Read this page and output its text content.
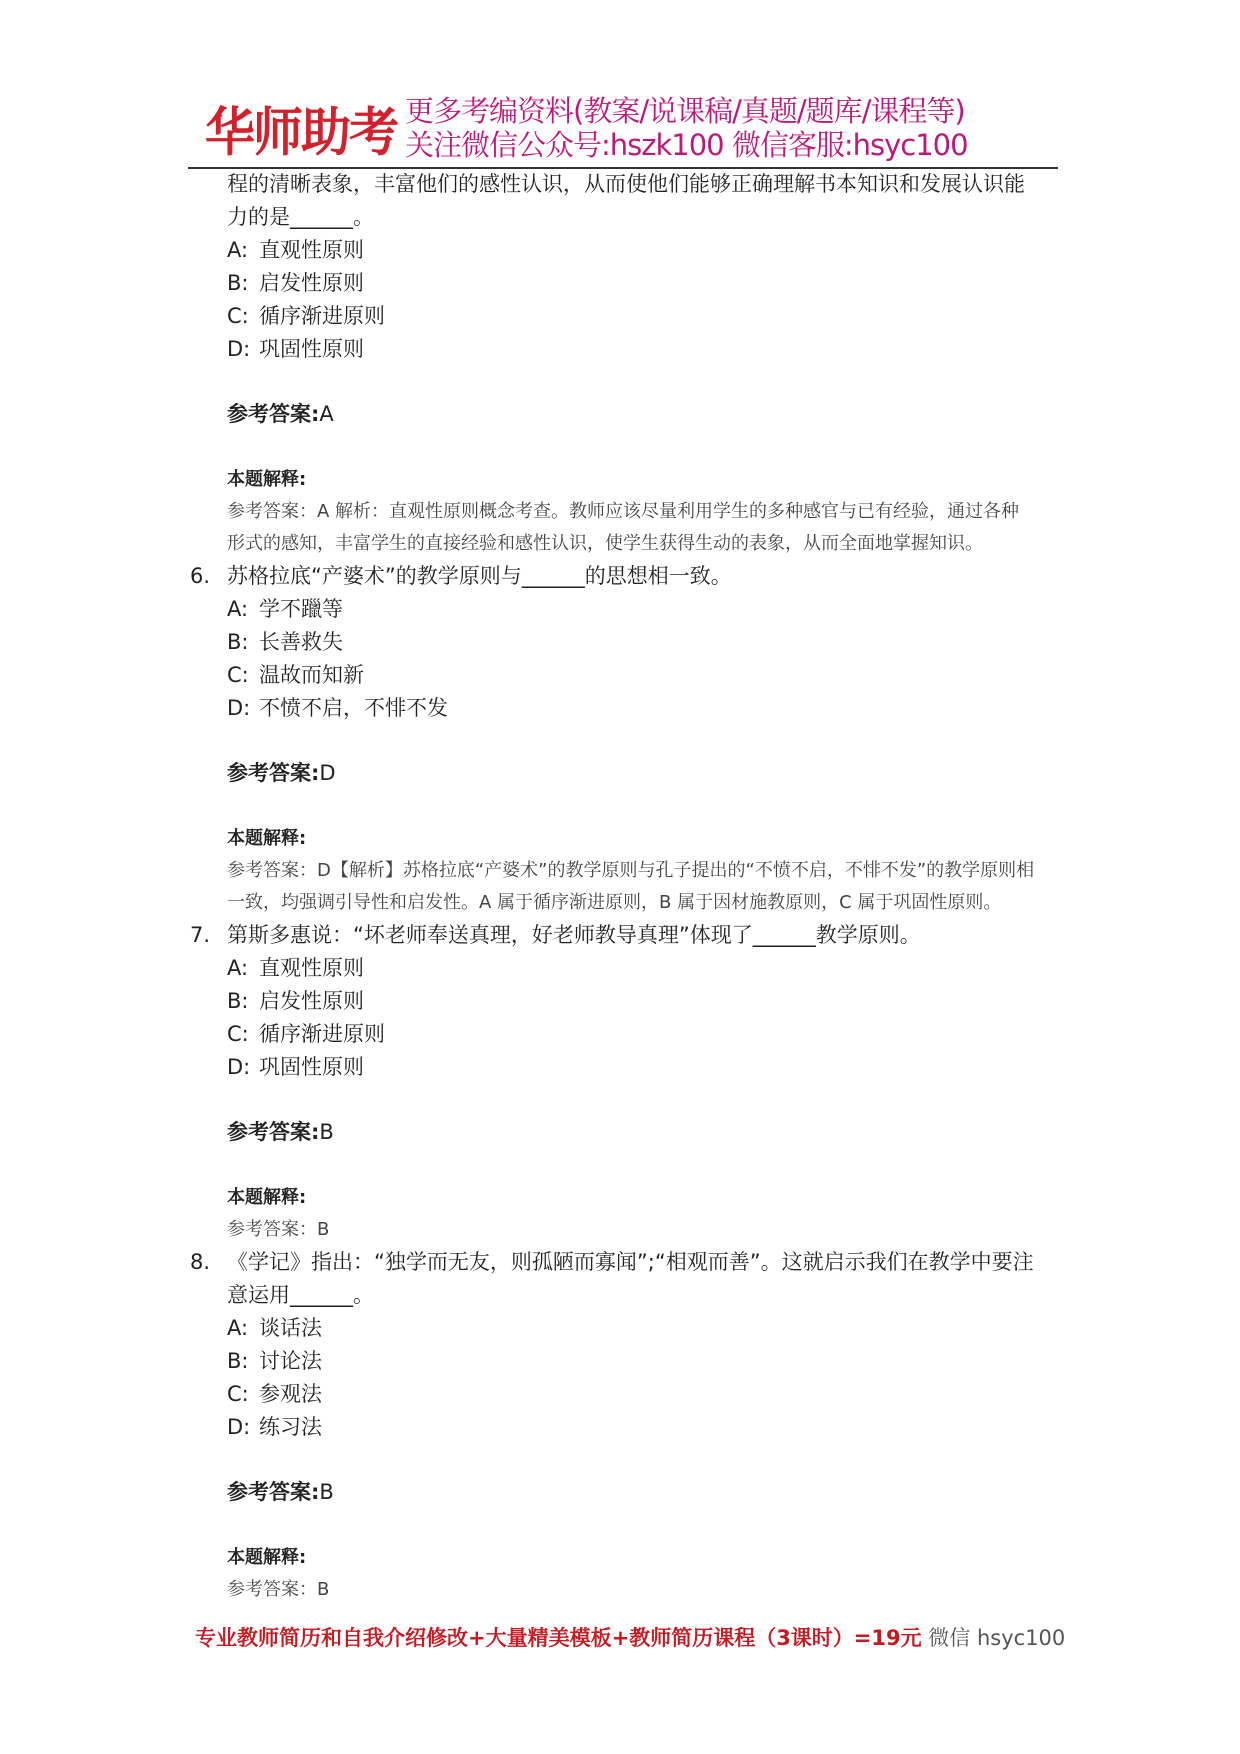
华师助考 更多考编资料(教案/说课稿/真题/题库/课程等)
关注微信公众号:hszk100 微信客服:hsyc100
程的清晰表象，丰富他们的感性认识，从而使他们能够正确理解书本知识和发展认识能
力的是______。
A: 直观性原则
B: 启发性原则
C: 循序渐进原则
D: 巩固性原则
参考答案:A
本题解释:
参考答案：A 解析：直观性原则概念考查。教师应该尽量利用学生的多种感官与已有经验，通过各种
形式的感知，丰富学生的直接经验和感性认识，使学生获得生动的表象，从而全面地掌握知识。
6. 苏格拉底“产婆术”的教学原则与______的思想相一致。
A: 学不躐等
B: 长善救失
C: 温故而知新
D: 不愤不启，不悱不发
参考答案:D
本题解释:
参考答案：D【解析】苏格拉底“产婆术”的教学原则与孔子提出的“不愤不启，不悱不发”的教学原则相
一致，均强调引导性和启发性。A 属于循序渐进原则，B 属于因材施教原则，C 属于巩固性原则。
7. 第斯多惠说：“坏老师奉送真理，好老师教导真理”体现了______教学原则。
A: 直观性原则
B: 启发性原则
C: 循序渐进原则
D: 巩固性原则
参考答案:B
本题解释:
参考答案：B
8. 《学记》指出：“独学而无友，则孤陋而寡闻”;“相观而善”。这就启示我们在教学中要注
意运用______。
A: 谈话法
B: 讨论法
C: 参观法
D: 练习法
参考答案:B
本题解释:
参考答案：B
专业教师简历和自我介绍修改+大量精美模板+教师简历课程（3课时）=19元 微信 hsyc100
